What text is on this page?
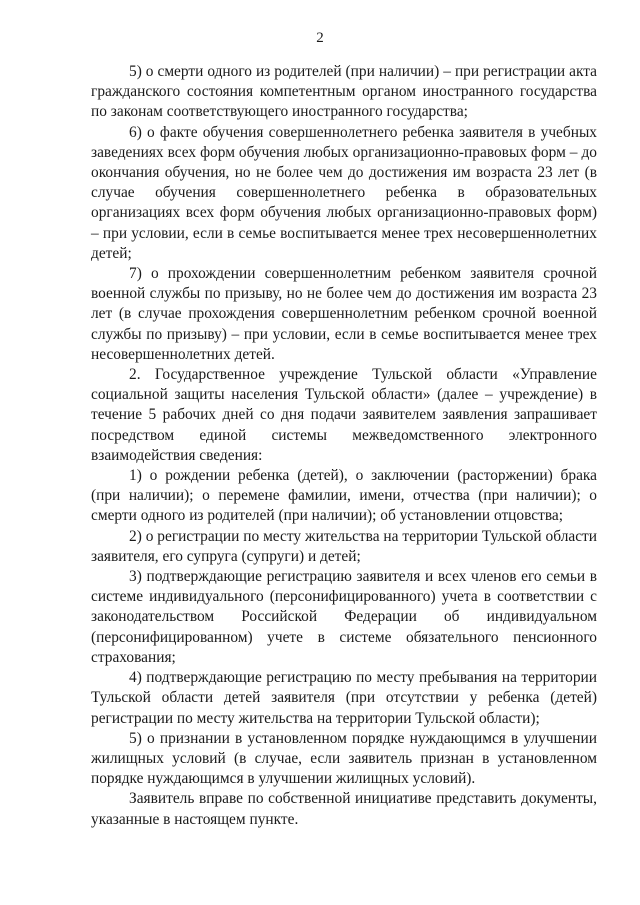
2

5) о смерти одного из родителей (при наличии) – при регистрации акта гражданского состояния компетентным органом иностранного государства по законам соответствующего иностранного государства;

6) о факте обучения совершеннолетнего ребенка заявителя в учебных заведениях всех форм обучения любых организационно-правовых форм – до окончания обучения, но не более чем до достижения им возраста 23 лет (в случае обучения совершеннолетнего ребенка в образовательных организациях всех форм обучения любых организационно-правовых форм) – при условии, если в семье воспитывается менее трех несовершеннолетних детей;

7) о прохождении совершеннолетним ребенком заявителя срочной военной службы по призыву, но не более чем до достижения им возраста 23 лет (в случае прохождения совершеннолетним ребенком срочной военной службы по призыву) – при условии, если в семье воспитывается менее трех несовершеннолетних детей.

2. Государственное учреждение Тульской области «Управление социальной защиты населения Тульской области» (далее – учреждение) в течение 5 рабочих дней со дня подачи заявителем заявления запрашивает посредством единой системы межведомственного электронного взаимодействия сведения:

1) о рождении ребенка (детей), о заключении (расторжении) брака (при наличии); о перемене фамилии, имени, отчества (при наличии); о смерти одного из родителей (при наличии); об установлении отцовства;

2) о регистрации по месту жительства на территории Тульской области заявителя, его супруга (супруги) и детей;

3) подтверждающие регистрацию заявителя и всех членов его семьи в системе индивидуального (персонифицированного) учета в соответствии с законодательством Российской Федерации об индивидуальном (персонифицированном) учете в системе обязательного пенсионного страхования;

4) подтверждающие регистрацию по месту пребывания на территории Тульской области детей заявителя (при отсутствии у ребенка (детей) регистрации по месту жительства на территории Тульской области);

5) о признании в установленном порядке нуждающимся в улучшении жилищных условий (в случае, если заявитель признан в установленном порядке нуждающимся в улучшении жилищных условий).

Заявитель вправе по собственной инициативе представить документы, указанные в настоящем пункте.
